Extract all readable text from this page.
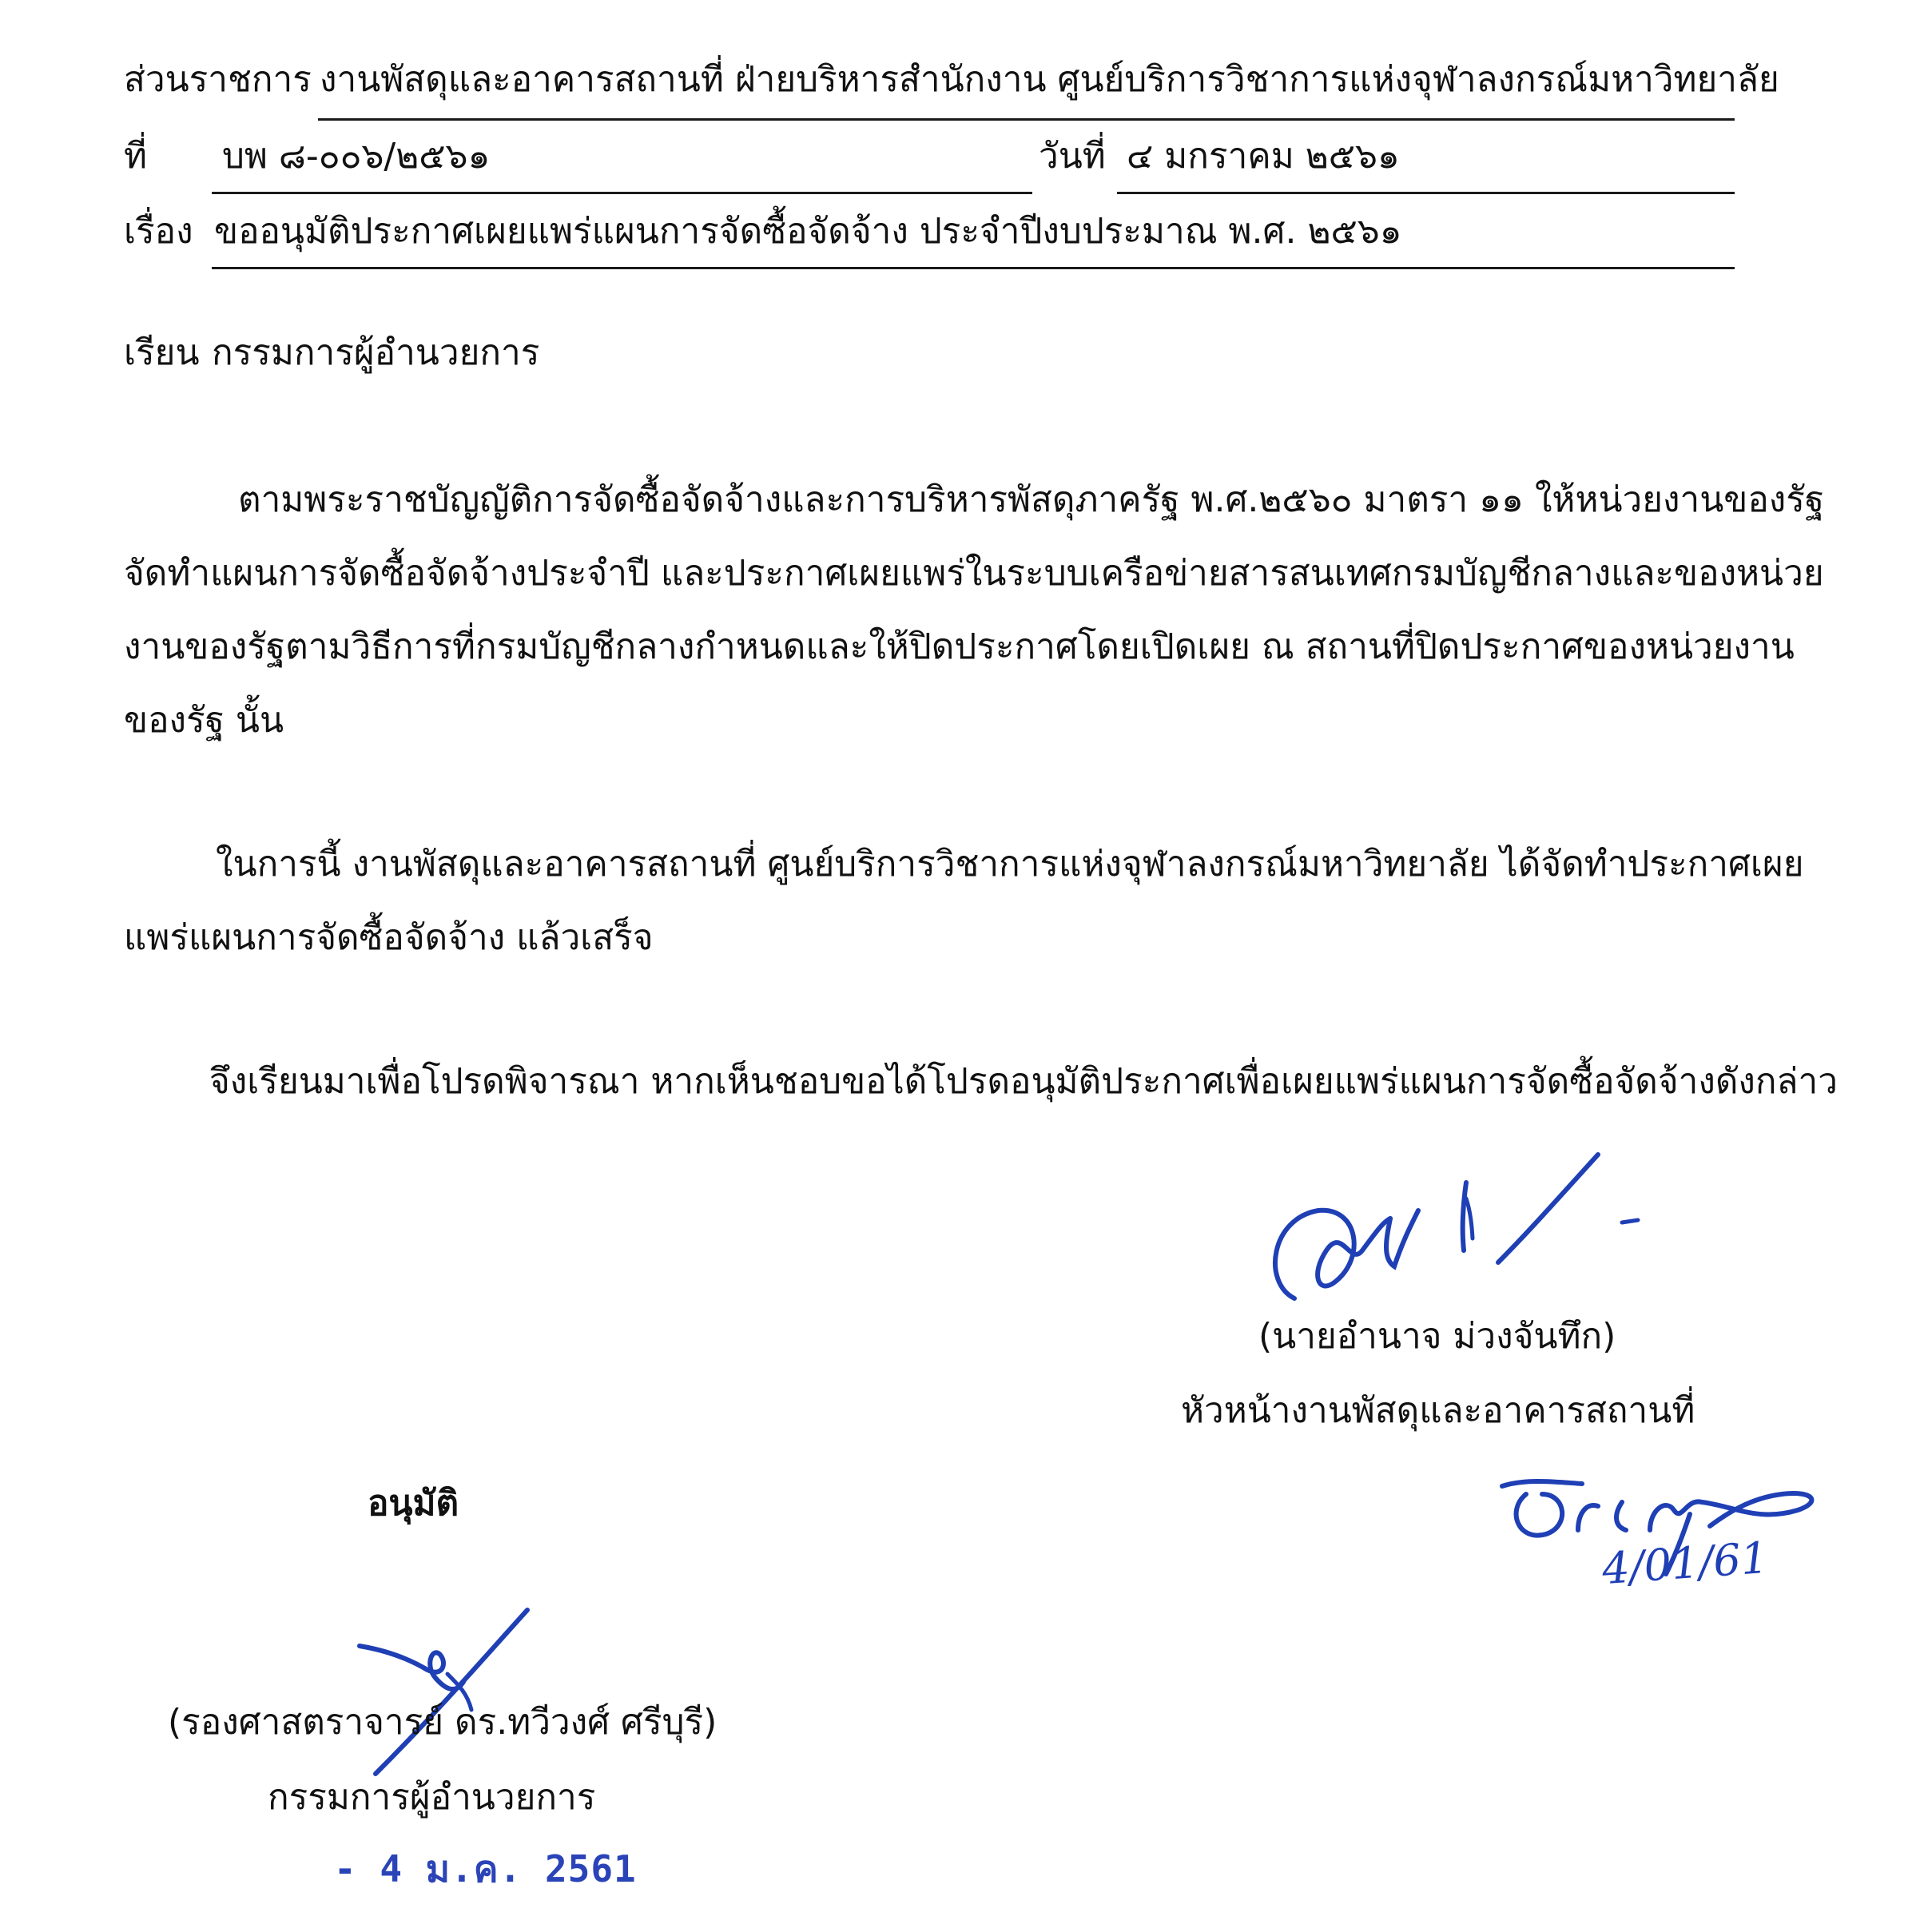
ส่วนราชการ งานพัสดุและอาคารสถานที่ ฝ่ายบริหารสำนักงาน ศูนย์บริการวิชาการแห่งจุฬาลงกรณ์มหาวิทยาลัย
ที่ บพ ๘-๐๐๖/๒๕๖๑	วันที่ ๔ มกราคม ๒๕๖๑
เรื่อง ขออนุมัติประกาศเผยแพร่แผนการจัดซื้อจัดจ้าง ประจำปีงบประมาณ พ.ศ. ๒๕๖๑
เรียน กรรมการผู้อำนวยการ
ตามพระราชบัญญัติการจัดซื้อจัดจ้างและการบริหารพัสดุภาครัฐ พ.ศ.๒๕๖๐ มาตรา ๑๑ ให้หน่วยงานของรัฐ
จัดทำแผนการจัดซื้อจัดจ้างประจำปี และประกาศเผยแพร่ในระบบเครือข่ายสารสนเทศกรมบัญชีกลางและของหน่วย
งานของรัฐตามวิธีการที่กรมบัญชีกลางกำหนดและให้ปิดประกาศโดยเปิดเผย ณ สถานที่ปิดประกาศของหน่วยงาน
ของรัฐ นั้น
ในการนี้ งานพัสดุและอาคารสถานที่ ศูนย์บริการวิชาการแห่งจุฬาลงกรณ์มหาวิทยาลัย ได้จัดทำประกาศเผย
แพร่แผนการจัดซื้อจัดจ้าง แล้วเสร็จ
จึงเรียนมาเพื่อโปรดพิจารณา หากเห็นชอบขอได้โปรดอนุมัติประกาศเพื่อเผยแพร่แผนการจัดซื้อจัดจ้างดังกล่าว
(นายอำนาจ ม่วงจันทึก)
หัวหน้างานพัสดุและอาคารสถานที่
4/01/61
อนุมัติ
(รองศาสตราจารย์ ดร.ทวีวงศ์ ศรีบุรี)
กรรมการผู้อำนวยการ
- 4 ม.ค. 2561
